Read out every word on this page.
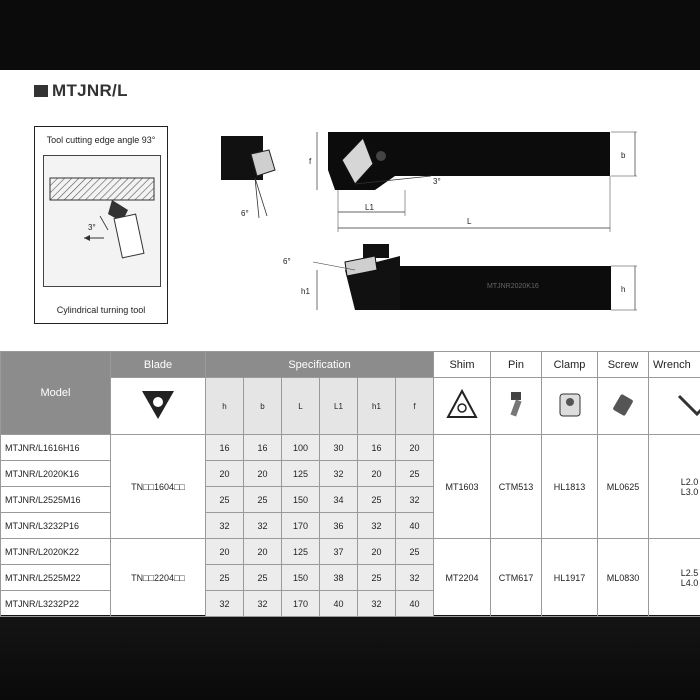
MTJNR/L
Tool cutting edge angle 93°
3°
Cylindrical turning tool
6°
3°
f
b
L1
L
MTJNR2020K16
6°
h1	h
Model	Blade	Specification						Shim	Pin	Clamp	Screw	Wrench
	h	b	L	L1	h1	f					
MTJNR/L1616H16	TN□□1604□□	16	16	100	30	16	20	MT1603	CTM513	HL1813	ML0625	L2.0
L3.0

MTJNR/L2020K16		20	20	125	32	20	25					
MTJNR/L2525M16		25	25	150	34	25	32					
MTJNR/L3232P16		32	32	170	36	32	40					
MTJNR/L2020K22	TN□□2204□□	20	20	125	37	20	25	MT2204	CTM617	HL1917	ML0830	L2.5
L4.0

MTJNR/L2525M22		25	25	150	38	25	32					
MTJNR/L3232P22		32	32	170	40	32	40					
